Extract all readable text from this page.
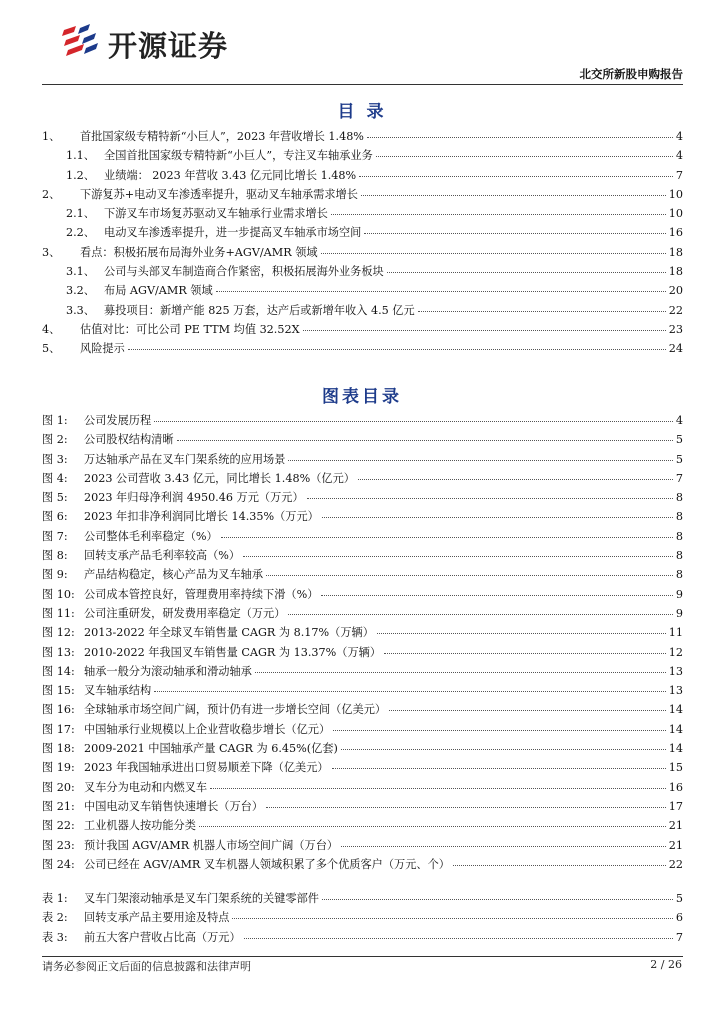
开源证券
北交所新股申购报告
目 录
1、	首批国家级专精特新“小巨人”，2023 年营收增长 1.48%	4
1.1、 全国首批国家级专精特新“小巨人”，专注叉车轴承业务	4
1.2、 业绩端： 2023 年营收 3.43 亿元同比增长 1.48%	7
2、	下游复苏+电动叉车渗透率提升，驱动叉车轴承需求增长	10
2.1、 下游叉车市场复苏驱动叉车轴承行业需求增长	10
2.2、 电动叉车渗透率提升，进一步提高叉车轴承市场空间	16
3、	看点：积极拓展布局海外业务+AGV/AMR 领域	18
3.1、 公司与头部叉车制造商合作紧密，积极拓展海外业务板块	18
3.2、 布局 AGV/AMR 领域	20
3.3、 募投项目：新增产能 825 万套，达产后或新增年收入 4.5 亿元	22
4、	估值对比：可比公司 PE TTM 均值 32.52X	23
5、	风险提示	24
图表目录
图 1:	公司发展历程	4
图 2:	公司股权结构清晰	5
图 3:	万达轴承产品在叉车门架系统的应用场景	5
图 4:	2023 公司营收 3.43 亿元，同比增长 1.48%（亿元）	7
图 5:	2023 年归母净利润 4950.46 万元（万元）	8
图 6:	2023 年扣非净利润同比增长 14.35%（万元）	8
图 7:	公司整体毛利率稳定（%）	8
图 8:	回转支承产品毛利率较高（%）	8
图 9:	产品结构稳定，核心产品为叉车轴承	8
图 10: 公司成本管控良好，管理费用率持续下滑（%）	9
图 11: 公司注重研发，研发费用率稳定（万元）	9
图 12: 2013-2022 年全球叉车销售量 CAGR 为 8.17%（万辆）	11
图 13: 2010-2022 年我国叉车销售量 CAGR 为 13.37%（万辆）	12
图 14: 轴承一般分为滚动轴承和滑动轴承	13
图 15: 叉车轴承结构	13
图 16: 全球轴承市场空间广阔，预计仍有进一步增长空间（亿美元）	14
图 17: 中国轴承行业规模以上企业营收稳步增长（亿元）	14
图 18: 2009-2021 中国轴承产量 CAGR 为 6.45%(亿套)	14
图 19: 2023 年我国轴承进出口贸易顺差下降（亿美元）	15
图 20: 叉车分为电动和内燃叉车	16
图 21: 中国电动叉车销售快速增长（万台）	17
图 22: 工业机器人按功能分类	21
图 23: 预计我国 AGV/AMR 机器人市场空间广阔（万台）	21
图 24: 公司已经在 AGV/AMR 叉车机器人领域积累了多个优质客户（万元、个）	22
表 1:	叉车门架滚动轴承是叉车门架系统的关键零部件	5
表 2:	回转支承产品主要用途及特点	6
表 3:	前五大客户营收占比高（万元）	7
请务必参阅正文后面的信息披露和法律声明	2 / 26
